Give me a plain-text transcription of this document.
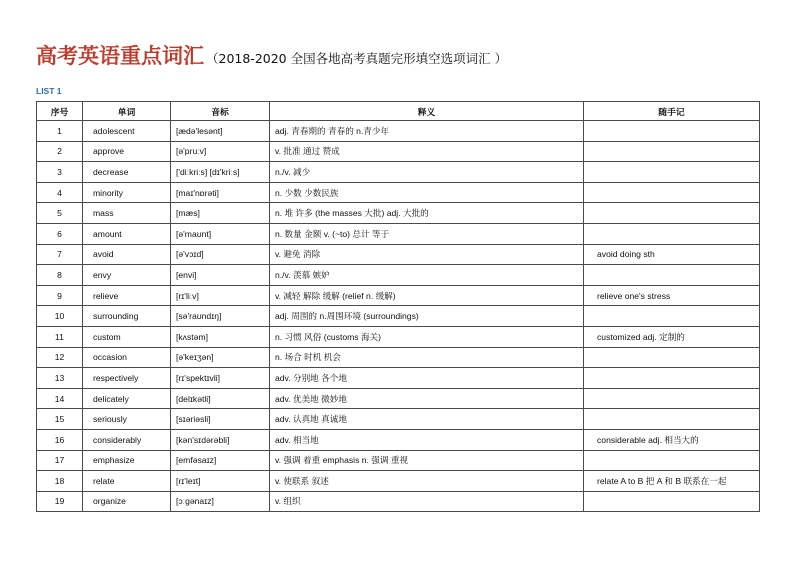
高考英语重点词汇 （2018-2020 全国各地高考真题完形填空选项词汇 ）
LIST 1
序号	单词	音标	释义	随手记
1	adolescent	[ædə'lesənt]	adj. 青春期的 青春的 n.青少年	
2	approve	[ə'pruːv]	v. 批准 通过 赞成	
3	decrease	['diːkriːs] [dɪ'kriːs]	n./v. 减少	
4	minority	[maɪ'nɒrəti]	n. 少数 少数民族	
5	mass	[mæs]	n. 堆 许多 (the masses 大批) adj. 大批的	
6	amount	[ə'maʊnt]	n. 数量 金额 v. (~to) 总计 等于	
7	avoid	[ə'vɔɪd]	v. 避免 消除	avoid doing sth
8	envy	[envi]	n./v. 羡慕 嫉妒	
9	relieve	[rɪ'liːv]	v. 减轻 解除 缓解 (relief n. 缓解)	relieve one's stress
10	surrounding	[sə'raʊndɪŋ]	adj. 周围的 n.周围环境 (surroundings)	
11	custom	[kʌstəm]	n. 习惯 风俗 (customs 海关)	customized adj. 定制的
12	occasion	[ə'keɪʒən]	n. 场合 时机 机会	
13	respectively	[rɪ'spektɪvli]	adv. 分别地 各个地	
14	delicately	[delɪkətli]	adv. 优美地 微妙地	
15	seriously	[sɪəriəsli]	adv. 认真地 真诚地	
16	considerably	[kən'sɪdərəbli]	adv. 相当地	considerable adj. 相当大的
17	emphasize	[emfəsaɪz]	v. 强调 着重 emphasis n. 强调 重视	
18	relate	[rɪ'leɪt]	v. 使联系 叙述	relate A to B 把 A 和 B 联系在一起
19	organize	[ɔːgənaɪz]	v. 组织	
